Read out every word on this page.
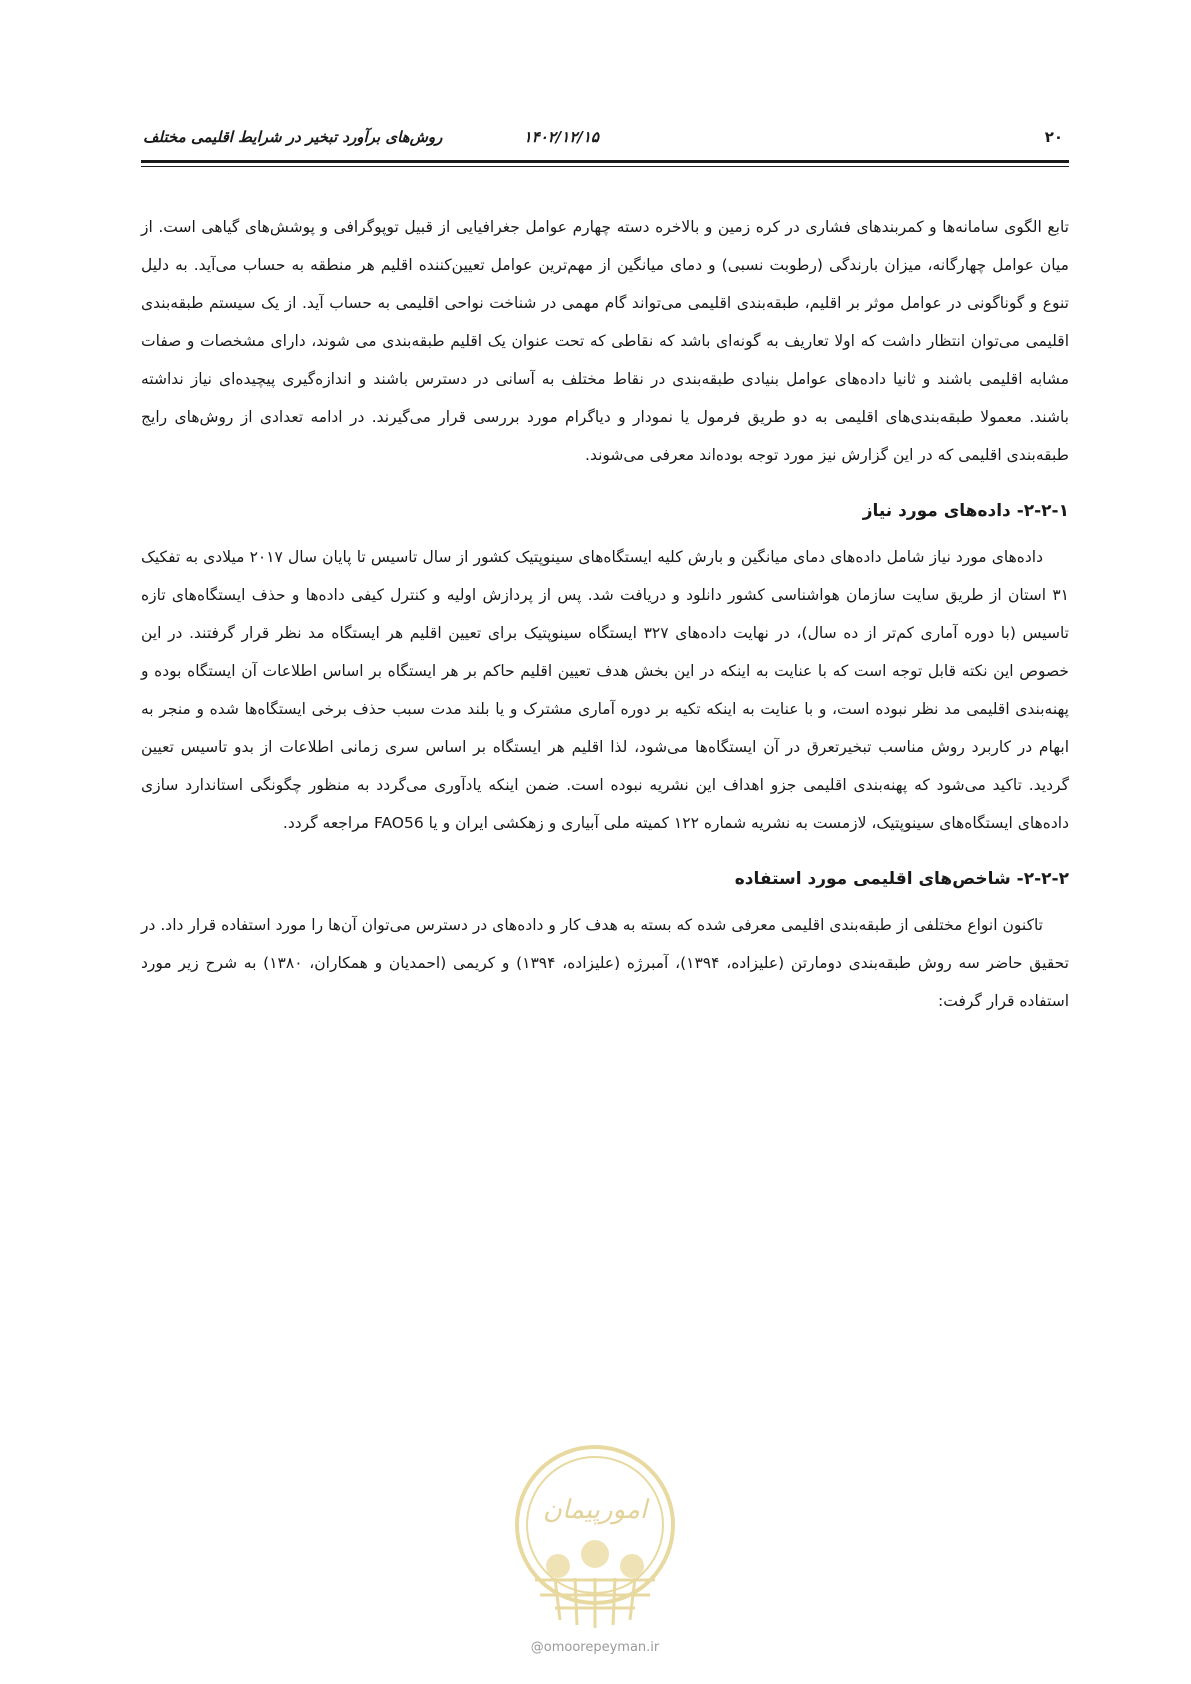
۲۰
۱۴۰۲/۱۲/۱۵
روش‌های برآورد تبخیر در شرایط اقلیمی مختلف

تابع الگوی سامانه‌ها و کمربندهای فشاری در کره زمین و بالاخره دسته چهارم عوامل جغرافیایی از قبیل توپوگرافی و پوشش‌های گیاهی است. از میان عوامل چهارگانه، میزان بارندگی (رطوبت نسبی) و دمای میانگین از مهم‌ترین عوامل تعیین‌کننده اقلیم هر منطقه به حساب می‌آید. به دلیل تنوع و گوناگونی در عوامل موثر بر اقلیم، طبقه‌بندی اقلیمی می‌تواند گام مهمی در شناخت نواحی اقلیمی به حساب آید. از یک سیستم طبقه‌بندی اقلیمی می‌توان انتظار داشت که اولا تعاریف به گونه‌ای باشد که نقاطی که تحت عنوان یک اقلیم طبقه‌بندی می شوند، دارای مشخصات و صفات مشابه اقلیمی باشند و ثانیا داده‌های عوامل بنیادی طبقه‌بندی در نقاط مختلف به آسانی در دسترس باشند و اندازه‌گیری پیچیده‌ای نیاز نداشته باشند. معمولا طبقه‌بندی‌های اقلیمی به دو طریق فرمول یا نمودار و دیاگرام مورد بررسی قرار می‌گیرند. در ادامه تعدادی از روش‌های رایج طبقه‌بندی اقلیمی که در این گزارش نیز مورد توجه بوده‌اند معرفی می‌شوند.

۲-۲-۱- داده‌های مورد نیاز

داده‌های مورد نیاز شامل داده‌های دمای میانگین و بارش کلیه ایستگاه‌های سینوپتیک کشور از سال تاسیس تا پایان سال ۲۰۱۷ میلادی به تفکیک ۳۱ استان از طریق سایت سازمان هواشناسی کشور دانلود و دریافت شد. پس از پردازش اولیه و کنترل کیفی داده‌ها و حذف ایستگاه‌های تازه تاسیس (با دوره آماری کم‌تر از ده سال)، در نهایت داده‌های ۳۲۷ ایستگاه سینوپتیک برای تعیین اقلیم هر ایستگاه مد نظر قرار گرفتند. در این خصوص این نکته قابل توجه است که با عنایت به اینکه در این بخش هدف تعیین اقلیم حاکم بر هر ایستگاه بر اساس اطلاعات آن ایستگاه بوده و پهنه‌بندی اقلیمی مد نظر نبوده است، و با عنایت به اینکه تکیه بر دوره آماری مشترک و یا بلند مدت سبب حذف برخی ایستگاه‌ها شده و منجر به ابهام در کاربرد روش مناسب تبخیرتعرق در آن ایستگاه‌ها می‌شود، لذا اقلیم هر ایستگاه بر اساس سری زمانی اطلاعات از بدو تاسیس تعیین گردید. تاکید می‌شود که پهنه‌بندی اقلیمی جزو اهداف این نشریه نبوده است. ضمن اینکه یادآوری می‌گردد به منظور چگونگی استاندارد سازی داده‌های ایستگاه‌های سینوپتیک، لازمست به نشریه شماره ۱۲۲ کمیته ملی آبیاری و زهکشی ایران و یا FAO56 مراجعه گردد.

۲-۲-۲- شاخص‌های اقلیمی مورد استفاده

تاکنون انواع مختلفی از طبقه‌بندی اقلیمی معرفی شده که بسته به هدف کار و داده‌های در دسترس می‌توان آن‌ها را مورد استفاده قرار داد. در تحقیق حاضر سه روش طبقه‌بندی دومارتن (علیزاده، ۱۳۹۴)، آمبرژه (علیزاده، ۱۳۹۴) و کریمی (احمدیان و همکاران، ۱۳۸۰) به شرح زیر مورد استفاده قرار گرفت:

امورپیمان
@omoorepeyman.ir
